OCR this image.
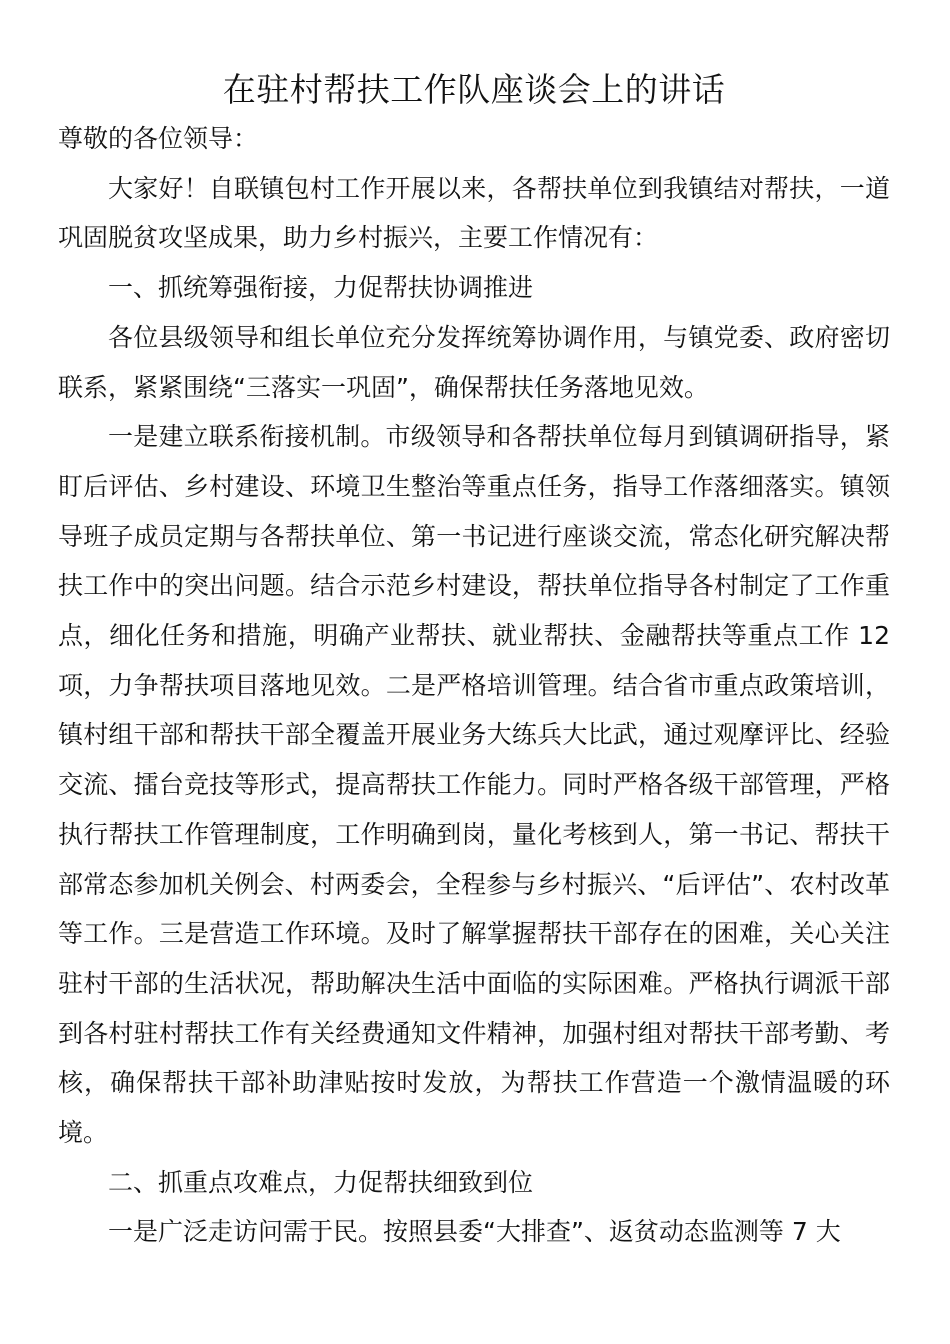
在驻村帮扶工作队座谈会上的讲话

尊敬的各位领导：

大家好！自联镇包村工作开展以来，各帮扶单位到我镇结对帮扶，一道巩固脱贫攻坚成果，助力乡村振兴，主要工作情况有：

一、抓统筹强衔接，力促帮扶协调推进

各位县级领导和组长单位充分发挥统筹协调作用，与镇党委、政府密切联系，紧紧围绕“三落实一巩固”，确保帮扶任务落地见效。

一是建立联系衔接机制。市级领导和各帮扶单位每月到镇调研指导，紧盯后评估、乡村建设、环境卫生整治等重点任务，指导工作落细落实。镇领导班子成员定期与各帮扶单位、第一书记进行座谈交流，常态化研究解决帮扶工作中的突出问题。结合示范乡村建设，帮扶单位指导各村制定了工作重点，细化任务和措施，明确产业帮扶、就业帮扶、金融帮扶等重点工作 12 项，力争帮扶项目落地见效。二是严格培训管理。结合省市重点政策培训，镇村组干部和帮扶干部全覆盖开展业务大练兵大比武，通过观摩评比、经验交流、擂台竞技等形式，提高帮扶工作能力。同时严格各级干部管理，严格执行帮扶工作管理制度，工作明确到岗，量化考核到人，第一书记、帮扶干部常态参加机关例会、村两委会，全程参与乡村振兴、“后评估”、农村改革等工作。三是营造工作环境。及时了解掌握帮扶干部存在的困难，关心关注驻村干部的生活状况，帮助解决生活中面临的实际困难。严格执行调派干部到各村驻村帮扶工作有关经费通知文件精神，加强村组对帮扶干部考勤、考核，确保帮扶干部补助津贴按时发放，为帮扶工作营造一个激情温暖的环境。

二、抓重点攻难点，力促帮扶细致到位

一是广泛走访问需于民。按照县委“大排查”、返贫动态监测等 7 大
